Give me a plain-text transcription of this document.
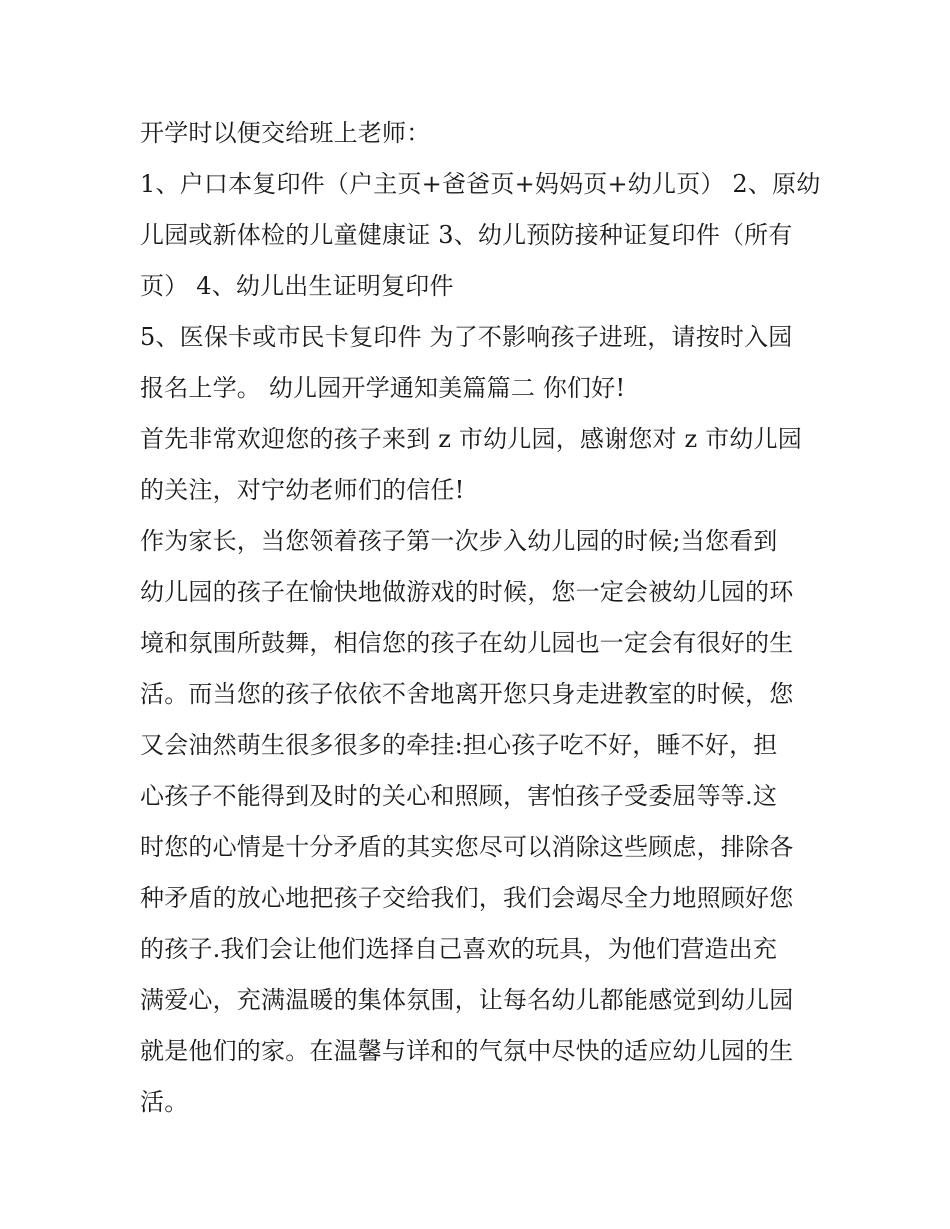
开学时以便交给班上老师：
1、户口本复印件（户主页+爸爸页+妈妈页+幼儿页） 2、原幼
儿园或新体检的儿童健康证 3、幼儿预防接种证复印件（所有
页） 4、幼儿出生证明复印件
5、医保卡或市民卡复印件 为了不影响孩子进班，请按时入园
报名上学。 幼儿园开学通知美篇篇二 你们好!
首先非常欢迎您的孩子来到 z 市幼儿园，感谢您对 z 市幼儿园
的关注，对宁幼老师们的信任!
作为家长，当您领着孩子第一次步入幼儿园的时候;当您看到
幼儿园的孩子在愉快地做游戏的时候，您一定会被幼儿园的环
境和氛围所鼓舞，相信您的孩子在幼儿园也一定会有很好的生
活。而当您的孩子依依不舍地离开您只身走进教室的时候，您
又会油然萌生很多很多的牵挂:担心孩子吃不好，睡不好，担
心孩子不能得到及时的关心和照顾，害怕孩子受委屈等等.这
时您的心情是十分矛盾的其实您尽可以消除这些顾虑，排除各
种矛盾的放心地把孩子交给我们，我们会竭尽全力地照顾好您
的孩子.我们会让他们选择自己喜欢的玩具，为他们营造出充
满爱心，充满温暖的集体氛围，让每名幼儿都能感觉到幼儿园
就是他们的家。在温馨与详和的气氛中尽快的适应幼儿园的生
活。
